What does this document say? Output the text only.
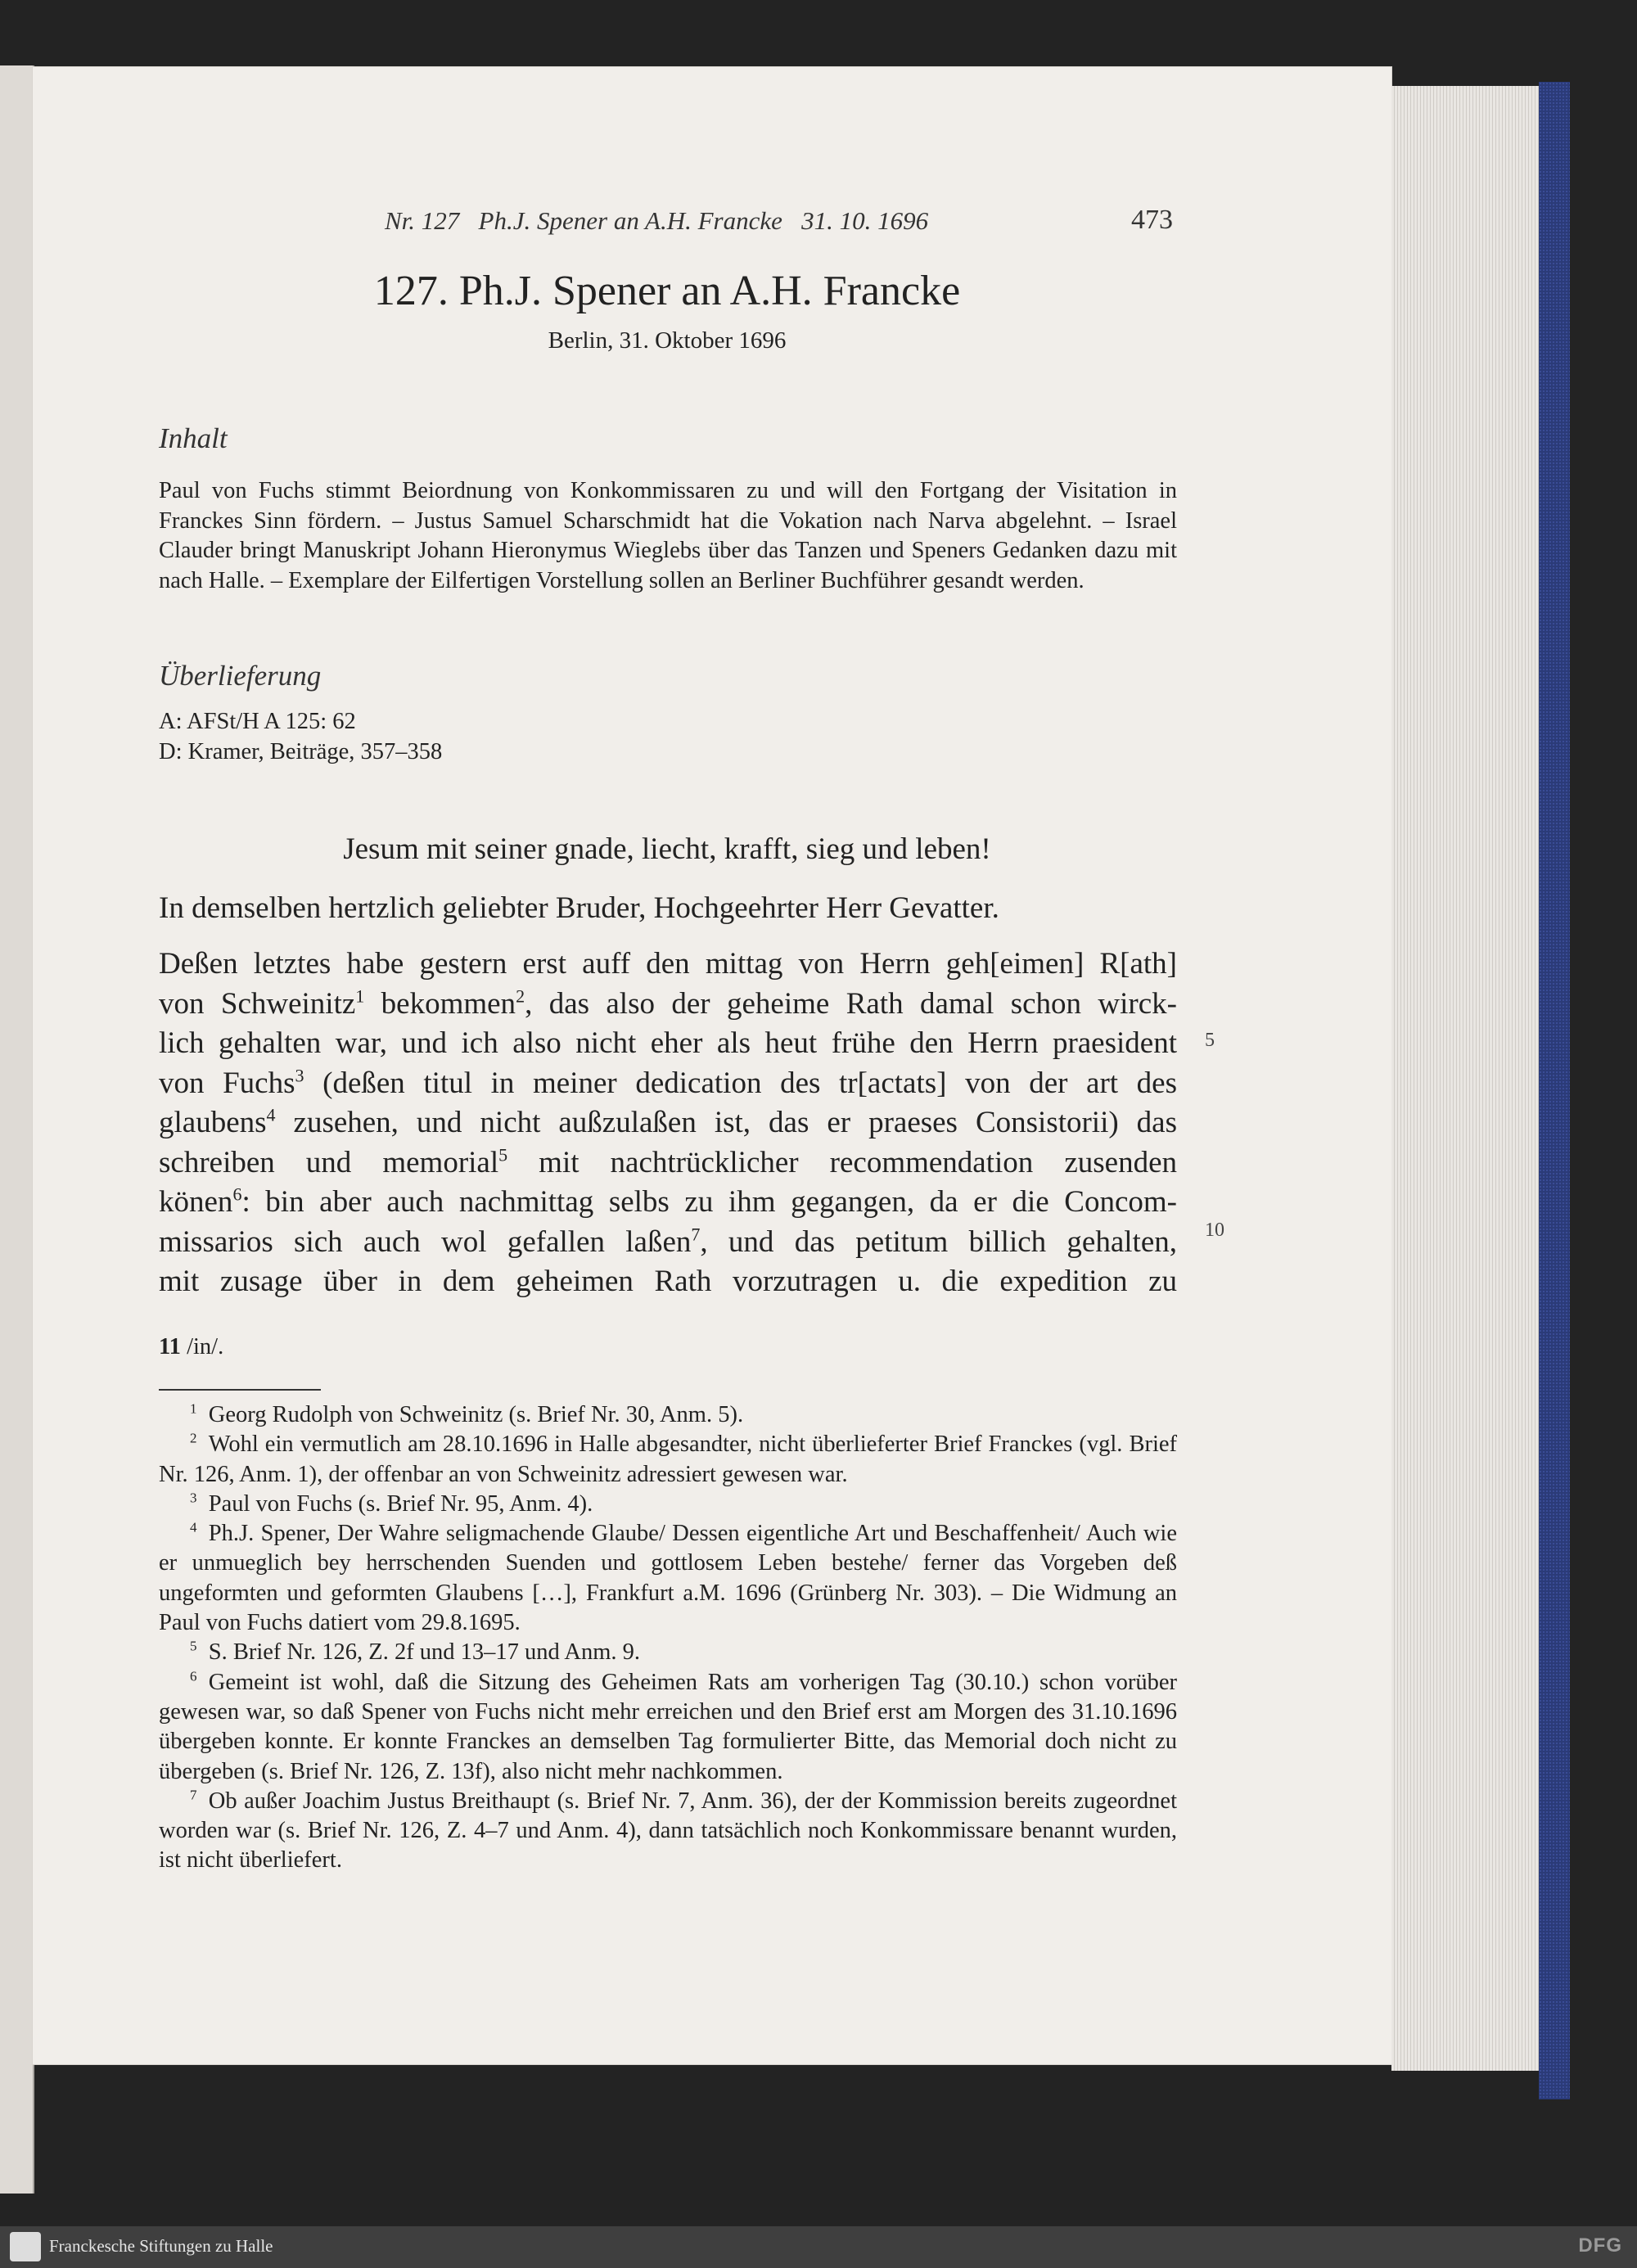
Nr. 127   Ph.J. Spener an A.H. Francke   31. 10. 1696	473
127. Ph.J. Spener an A.H. Francke
Berlin, 31. Oktober 1696
Inhalt
Paul von Fuchs stimmt Beiordnung von Konkommissaren zu und will den Fortgang der Visitation in Franckes Sinn fördern. – Justus Samuel Scharschmidt hat die Vokation nach Narva abgelehnt. – Israel Clauder bringt Manuskript Johann Hieronymus Wieglebs über das Tanzen und Speners Gedanken dazu mit nach Halle. – Exemplare der Eilfertigen Vorstellung sollen an Berliner Buchführer gesandt werden.
Überlieferung
A: AFSt/H A 125: 62
D: Kramer, Beiträge, 357–358
Jesum mit seiner gnade, liecht, krafft, sieg und leben!
In demselben hertzlich geliebter Bruder, Hochgeehrter Herr Gevatter.
Deßen letztes habe gestern erst auff den mittag von Herrn geh[eimen] R[ath]
von Schweinitz$^1$ bekommen$^2$, das also der geheime Rath damal schon wirck-
lich gehalten war, und ich also nicht eher als heut frühe den Herrn praesident
von Fuchs$^3$ (deßen titul in meiner dedication des tr[actats] von der art des
glaubens$^4$ zusehen, und nicht außzulaßen ist, das er praeses Consistorii) das
schreiben und memorial$^5$ mit nachtrücklicher recommendation zusenden
könen$^6$: bin aber auch nachmittag selbs zu ihm gegangen, da er die Concom-
missarios sich auch wol gefallen laßen$^7$, und das petitum billich gehalten,
mit zusage über in dem geheimen Rath vorzutragen u. die expedition zu
5
10
11 /in/.

$^1$  Georg Rudolph von Schweinitz (s. Brief Nr. 30, Anm. 5).

$^2$  Wohl ein vermutlich am 28.10.1696 in Halle abgesandter, nicht überlieferter Brief Franckes (vgl. Brief Nr. 126, Anm. 1), der offenbar an von Schweinitz adressiert gewesen war.

$^3$  Paul von Fuchs (s. Brief Nr. 95, Anm. 4).

$^4$  Ph.J. Spener, Der Wahre seligmachende Glaube/ Dessen eigentliche Art und Beschaffenheit/ Auch wie er unmueglich bey herrschenden Suenden und gottlosem Leben bestehe/ ferner das Vorgeben deß ungeformten und geformten Glaubens […], Frankfurt a.M. 1696 (Grünberg Nr. 303). – Die Widmung an Paul von Fuchs datiert vom 29.8.1695.

$^5$  S. Brief Nr. 126, Z. 2f und 13–17 und Anm. 9.

$^6$  Gemeint ist wohl, daß die Sitzung des Geheimen Rats am vorherigen Tag (30.10.) schon vorüber gewesen war, so daß Spener von Fuchs nicht mehr erreichen und den Brief erst am Morgen des 31.10.1696 übergeben konnte. Er konnte Franckes an demselben Tag formulierter Bitte, das Memorial doch nicht zu übergeben (s. Brief Nr. 126, Z. 13f), also nicht mehr nachkommen.

$^7$  Ob außer Joachim Justus Breithaupt (s. Brief Nr. 7, Anm. 36), der der Kommission bereits zugeordnet worden war (s. Brief Nr. 126, Z. 4–7 und Anm. 4), dann tatsächlich noch Konkommissare benannt wurden, ist nicht überliefert.

Franckesche Stiftungen zu Halle	DFG
